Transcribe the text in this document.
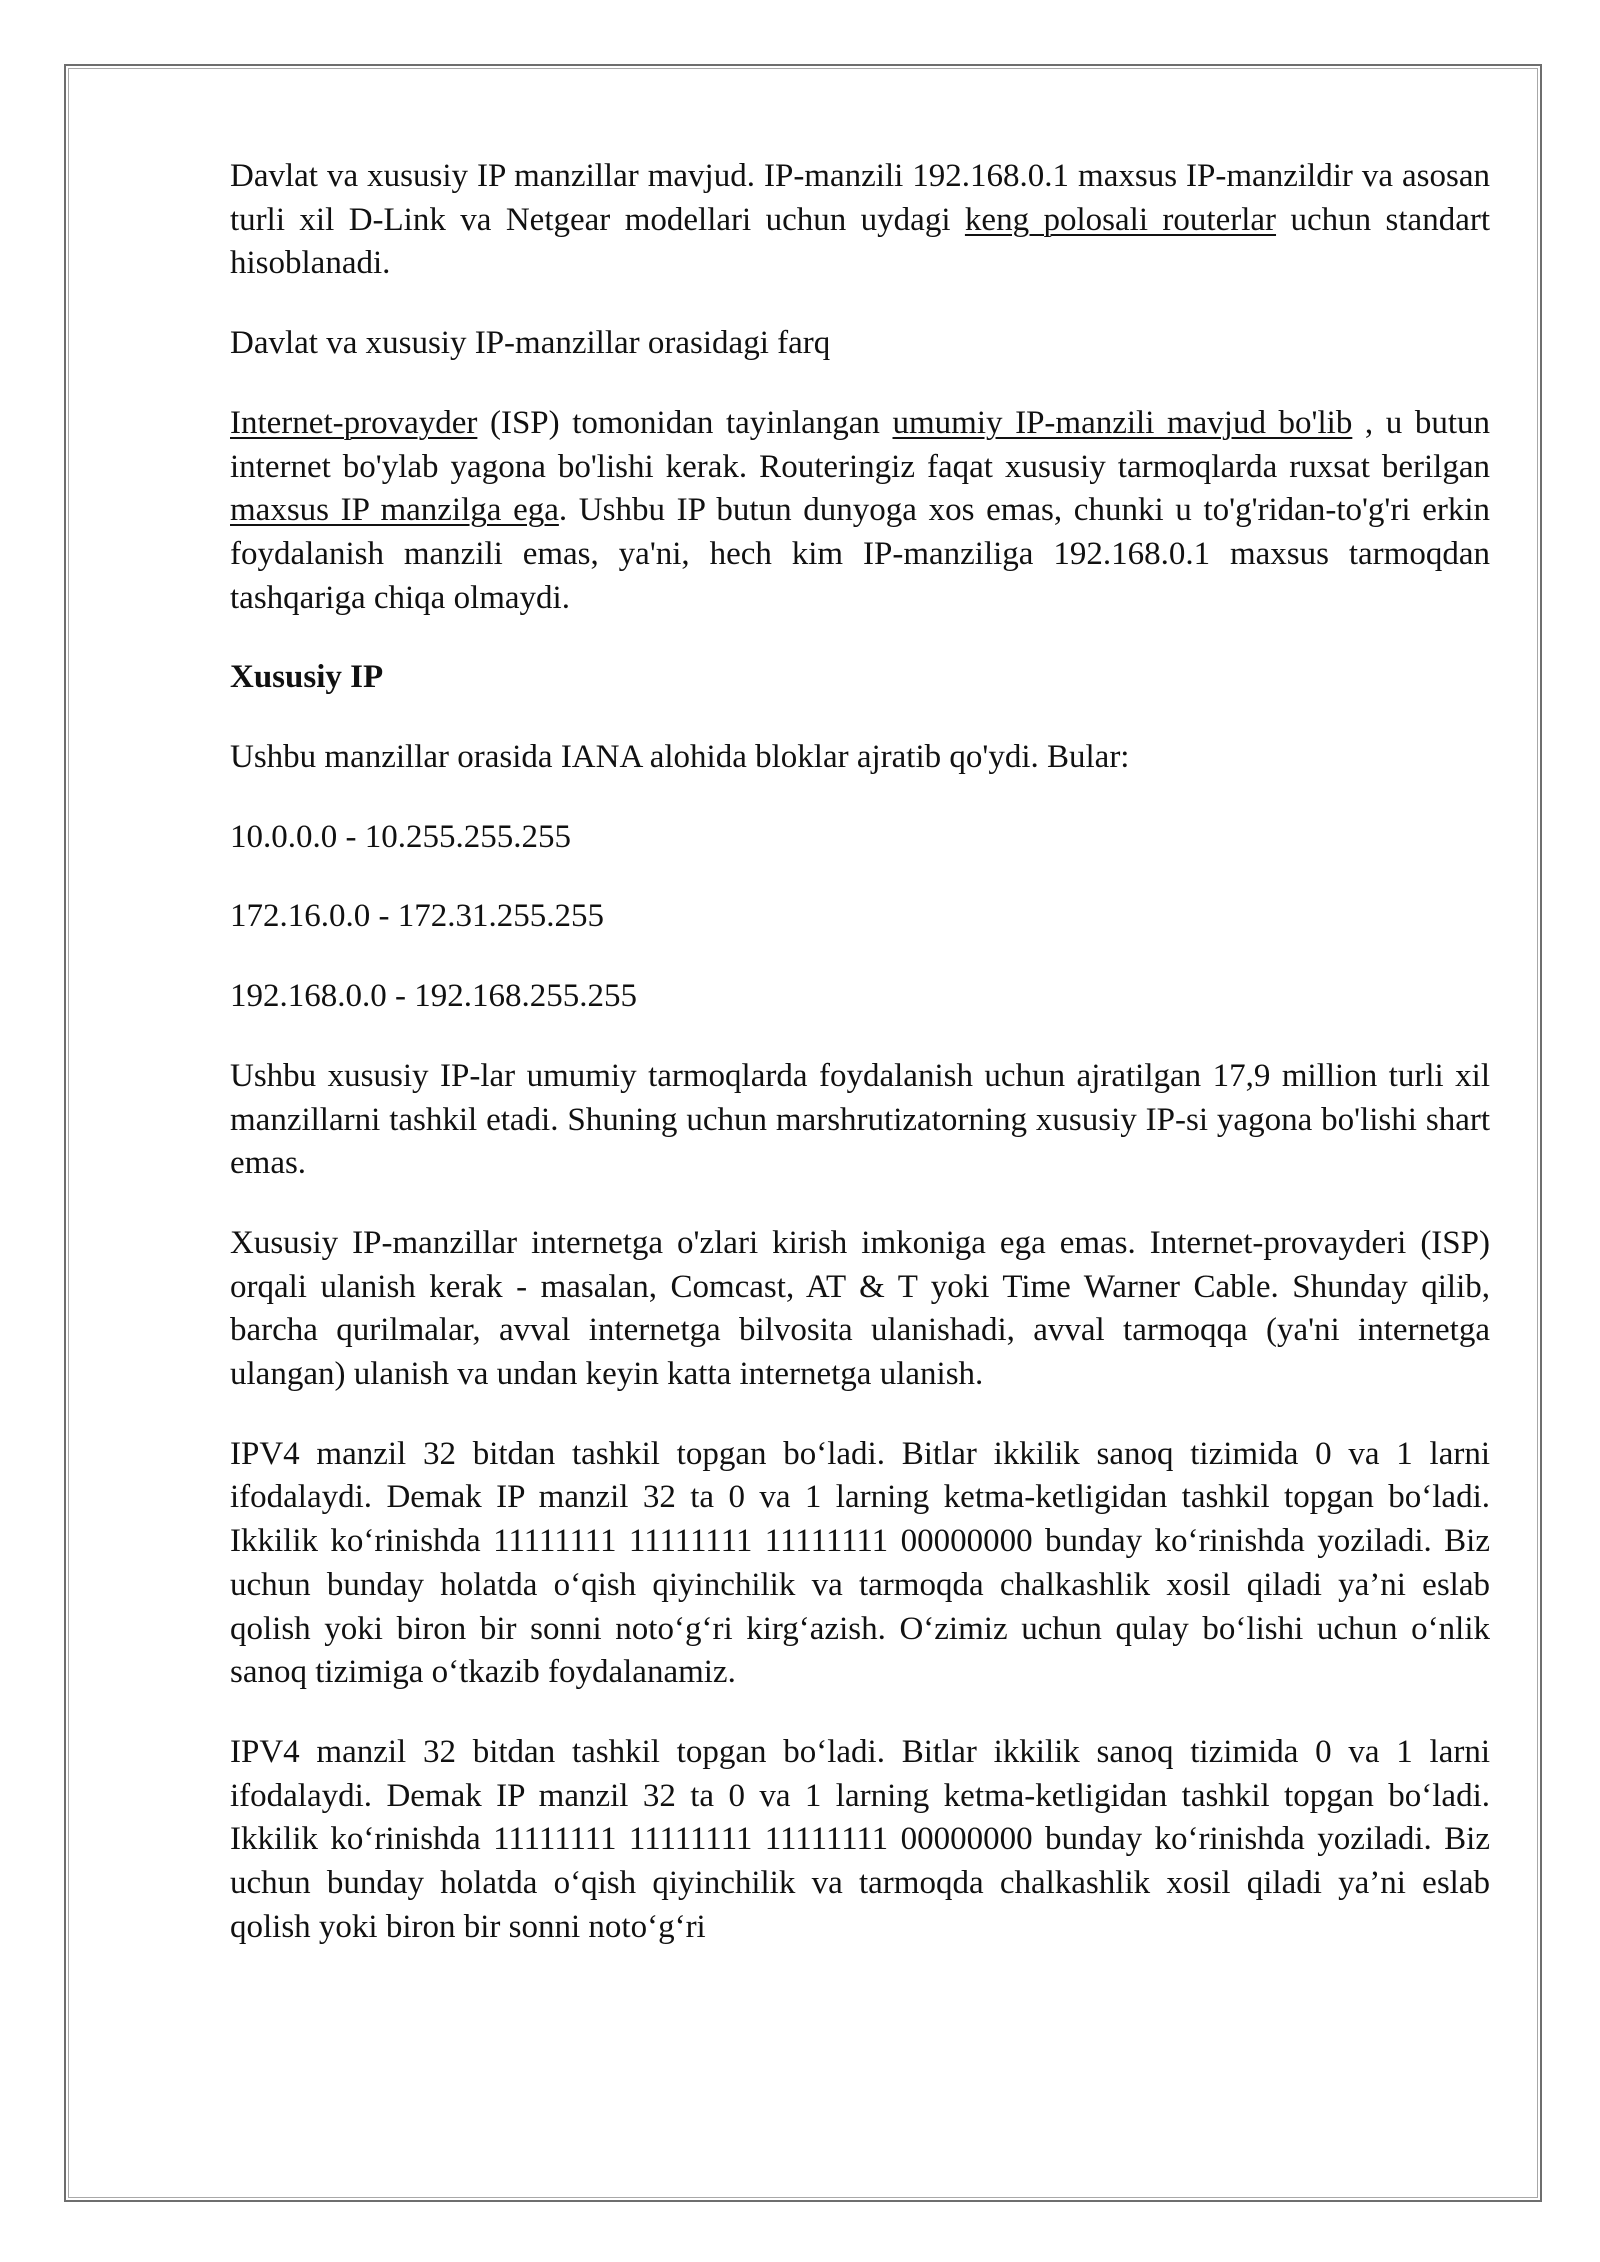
Davlat va xususiy IP manzillar mavjud. IP-manzili 192.168.0.1 maxsus IP-manzildir va asosan turli xil D-Link va Netgear modellari uchun uydagi keng polosali routerlar uchun standart hisoblanadi.

Davlat va xususiy IP-manzillar orasidagi farq

Internet-provayder (ISP) tomonidan tayinlangan umumiy IP-manzili mavjud bo'lib , u butun internet bo'ylab yagona bo'lishi kerak. Routeringiz faqat xususiy tarmoqlarda ruxsat berilgan maxsus IP manzilga ega. Ushbu IP butun dunyoga xos emas, chunki u to'g'ridan-to'g'ri erkin foydalanish manzili emas, ya'ni, hech kim IP-manziliga 192.168.0.1 maxsus tarmoqdan tashqariga chiqa olmaydi.

Xususiy IP

Ushbu manzillar orasida IANA alohida bloklar ajratib qo'ydi. Bular:

10.0.0.0 - 10.255.255.255

172.16.0.0 - 172.31.255.255

192.168.0.0 - 192.168.255.255

Ushbu xususiy IP-lar umumiy tarmoqlarda foydalanish uchun ajratilgan 17,9 million turli xil manzillarni tashkil etadi. Shuning uchun marshrutizatorning xususiy IP-si yagona bo'lishi shart emas.

Xususiy IP-manzillar internetga o'zlari kirish imkoniga ega emas. Internet-provayderi (ISP) orqali ulanish kerak - masalan, Comcast, AT & T yoki Time Warner Cable. Shunday qilib, barcha qurilmalar, avval internetga bilvosita ulanishadi, avval tarmoqqa (ya'ni internetga ulangan) ulanish va undan keyin katta internetga ulanish.

IPV4 manzil 32 bitdan tashkil topgan bo‘ladi. Bitlar ikkilik sanoq tizimida 0 va 1 larni ifodalaydi. Demak IP manzil 32 ta 0 va 1 larning ketma-ketligidan tashkil topgan bo‘ladi. Ikkilik ko‘rinishda 11111111 11111111 11111111 00000000 bunday ko‘rinishda yoziladi. Biz uchun bunday holatda o‘qish qiyinchilik va tarmoqda chalkashlik xosil qiladi ya’ni eslab qolish yoki biron bir sonni noto‘g‘ri kirg‘azish. O‘zimiz uchun qulay bo‘lishi uchun o‘nlik sanoq tizimiga o‘tkazib foydalanamiz.

IPV4 manzil 32 bitdan tashkil topgan bo‘ladi. Bitlar ikkilik sanoq tizimida 0 va 1 larni ifodalaydi. Demak IP manzil 32 ta 0 va 1 larning ketma-ketligidan tashkil topgan bo‘ladi. Ikkilik ko‘rinishda 11111111 11111111 11111111 00000000 bunday ko‘rinishda yoziladi. Biz uchun bunday holatda o‘qish qiyinchilik va tarmoqda chalkashlik xosil qiladi ya’ni eslab qolish yoki biron bir sonni noto‘g‘ri
